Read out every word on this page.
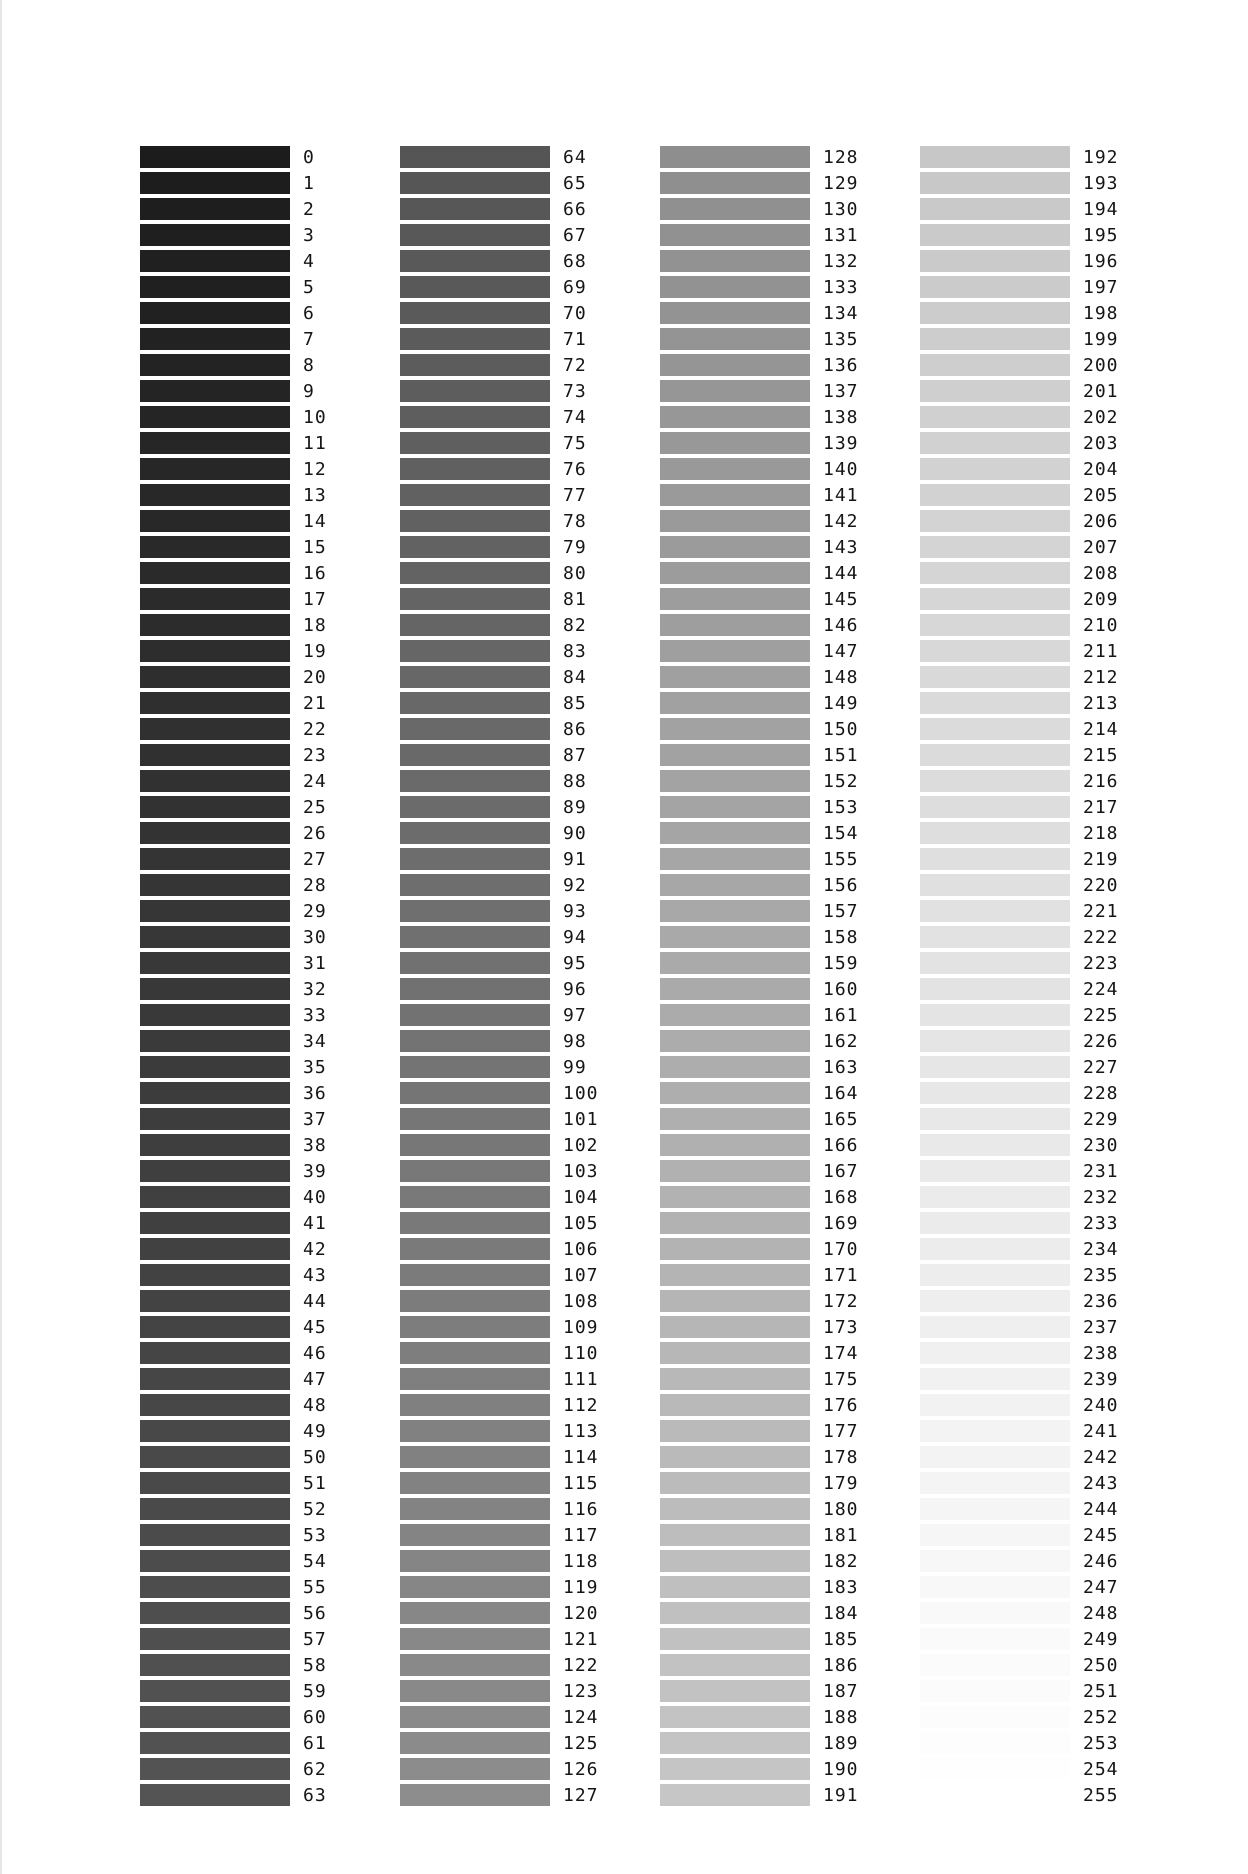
0
1
2
3
4
5
6
7
8
9
10
11
12
13
14
15
16
17
18
19
20
21
22
23
24
25
26
27
28
29
30
31
32
33
34
35
36
37
38
39
40
41
42
43
44
45
46
47
48
49
50
51
52
53
54
55
56
57
58
59
60
61
62
63
64
65
66
67
68
69
70
71
72
73
74
75
76
77
78
79
80
81
82
83
84
85
86
87
88
89
90
91
92
93
94
95
96
97
98
99
100
101
102
103
104
105
106
107
108
109
110
111
112
113
114
115
116
117
118
119
120
121
122
123
124
125
126
127
128
129
130
131
132
133
134
135
136
137
138
139
140
141
142
143
144
145
146
147
148
149
150
151
152
153
154
155
156
157
158
159
160
161
162
163
164
165
166
167
168
169
170
171
172
173
174
175
176
177
178
179
180
181
182
183
184
185
186
187
188
189
190
191
192
193
194
195
196
197
198
199
200
201
202
203
204
205
206
207
208
209
210
211
212
213
214
215
216
217
218
219
220
221
222
223
224
225
226
227
228
229
230
231
232
233
234
235
236
237
238
239
240
241
242
243
244
245
246
247
248
249
250
251
252
253
254
255
